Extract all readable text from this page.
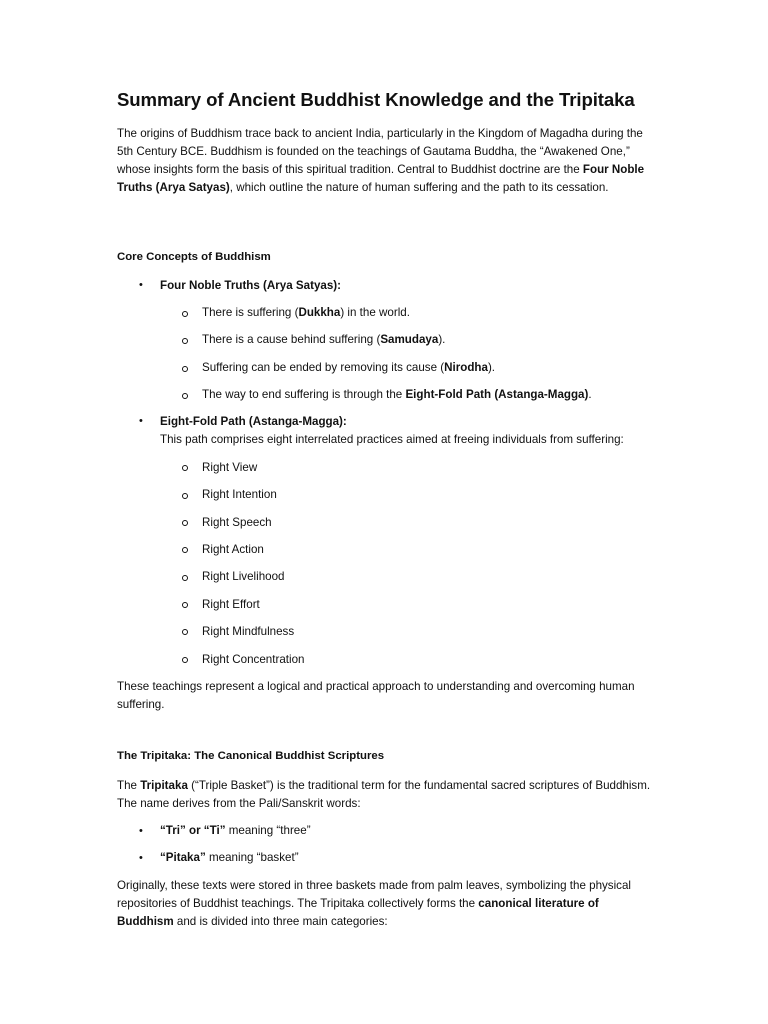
Summary of Ancient Buddhist Knowledge and the Tripitaka

The origins of Buddhism trace back to ancient India, particularly in the Kingdom of Magadha during the 5th Century BCE. Buddhism is founded on the teachings of Gautama Buddha, the “Awakened One,” whose insights form the basis of this spiritual tradition. Central to Buddhist doctrine are the Four Noble Truths (Arya Satyas), which outline the nature of human suffering and the path to its cessation.

Core Concepts of Buddhism

• Four Noble Truths (Arya Satyas):

There is suffering (Dukkha) in the world.

There is a cause behind suffering (Samudaya).

Suffering can be ended by removing its cause (Nirodha).

The way to end suffering is through the Eight-Fold Path (Astanga-Magga).

• Eight-Fold Path (Astanga-Magga):

This path comprises eight interrelated practices aimed at freeing individuals from suffering:

Right View

Right Intention

Right Speech

Right Action

Right Livelihood

Right Effort

Right Mindfulness

Right Concentration

These teachings represent a logical and practical approach to understanding and overcoming human suffering.

The Tripitaka: The Canonical Buddhist Scriptures

The Tripitaka (“Triple Basket”) is the traditional term for the fundamental sacred scriptures of Buddhism. The name derives from the Pali/Sanskrit words:

• “Tri” or “Ti” meaning “three”

• “Pitaka” meaning “basket”

Originally, these texts were stored in three baskets made from palm leaves, symbolizing the physical repositories of Buddhist teachings. The Tripitaka collectively forms the canonical literature of Buddhism and is divided into three main categories:
